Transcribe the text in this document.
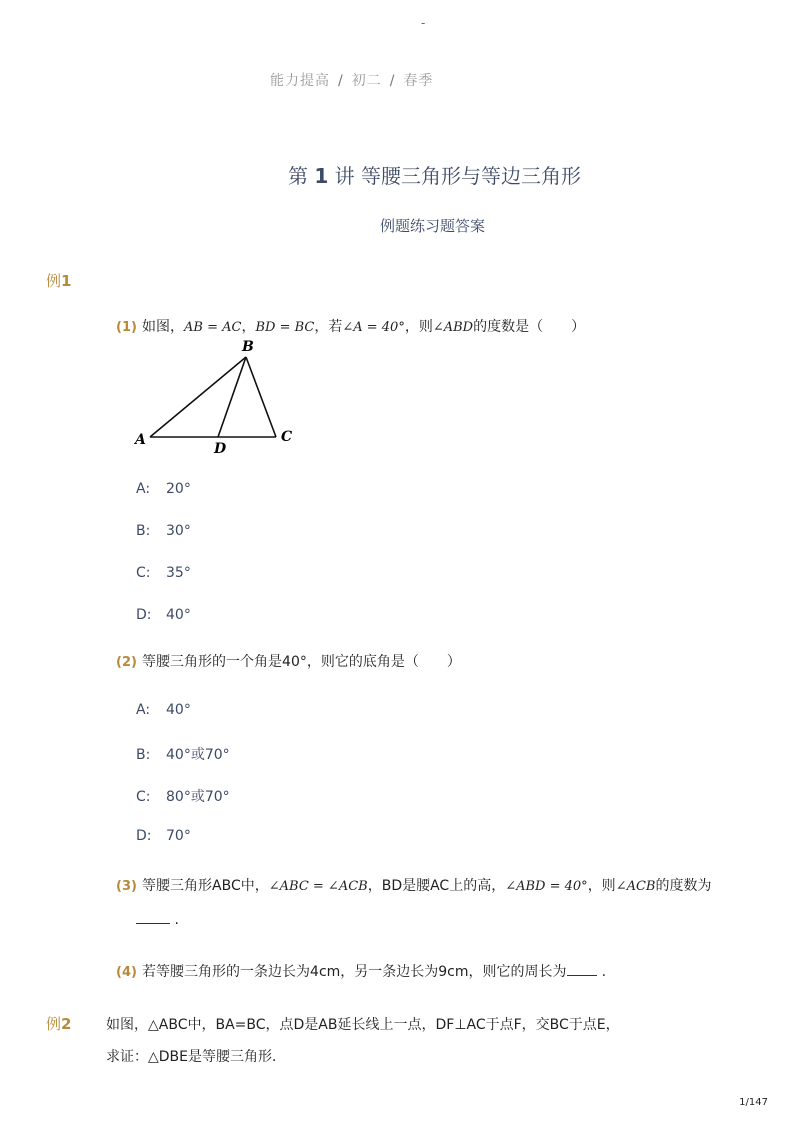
-
能力提高 / 初二 / 春季
第 1 讲 等腰三角形与等边三角形
例题练习题答案
例1
(1) 如图，AB = AC，BD = BC，若∠A = 40°，则∠ABD的度数是（　　）
A
B
C
D
A: 20°
B: 30°
C: 35°
D: 40°
(2) 等腰三角形的一个角是40°，则它的底角是（　　）
A: 40°
B: 40°或70°
C: 80°或70°
D: 70°
(3) 等腰三角形ABC中，∠ABC = ∠ACB，BD是腰AC上的高，∠ABD = 40°，则∠ACB的度数为
.
(4) 若等腰三角形的一条边长为4cm，另一条边长为9cm，则它的周长为	.
例2 如图，△ABC中，BA=BC，点D是AB延长线上一点，DF⊥AC于点F，交BC于点E，
求证：△DBE是等腰三角形．
1/147
